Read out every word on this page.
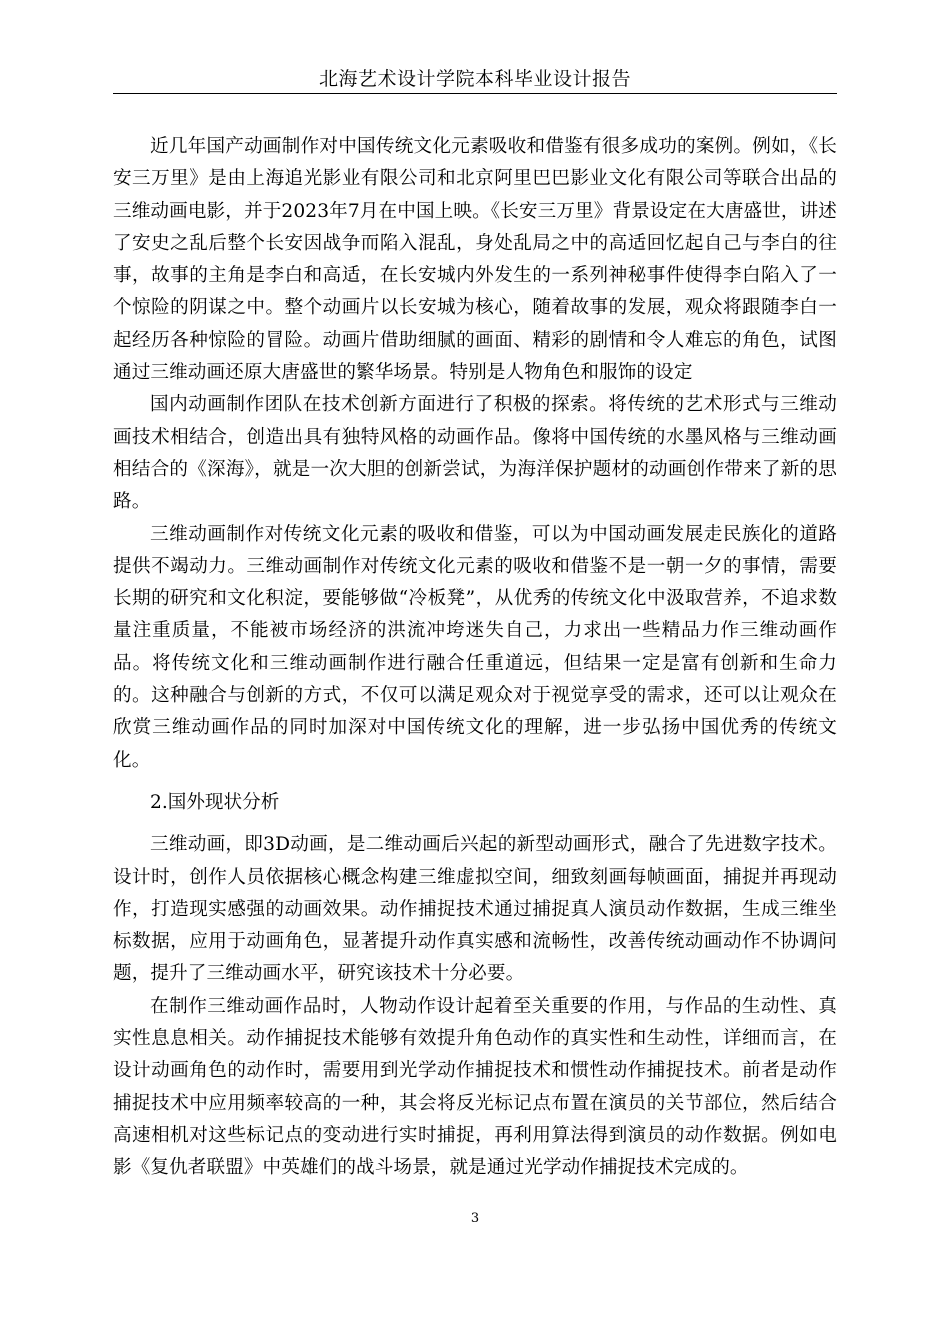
北海艺术设计学院本科毕业设计报告

近几年国产动画制作对中国传统文化元素吸收和借鉴有很多成功的案例。例如，《长安三万里》是由上海追光影业有限公司和北京阿里巴巴影业文化有限公司等联合出品的三维动画电影，并于2023年7月在中国上映。《长安三万里》背景设定在大唐盛世，讲述了安史之乱后整个长安因战争而陷入混乱，身处乱局之中的高适回忆起自己与李白的往事，故事的主角是李白和高适，在长安城内外发生的一系列神秘事件使得李白陷入了一个惊险的阴谋之中。整个动画片以长安城为核心，随着故事的发展，观众将跟随李白一起经历各种惊险的冒险。动画片借助细腻的画面、精彩的剧情和令人难忘的角色，试图通过三维动画还原大唐盛世的繁华场景。特别是人物角色和服饰的设定

国内动画制作团队在技术创新方面进行了积极的探索。将传统的艺术形式与三维动画技术相结合，创造出具有独特风格的动画作品。像将中国传统的水墨风格与三维动画相结合的《深海》，就是一次大胆的创新尝试，为海洋保护题材的动画创作带来了新的思路。

三维动画制作对传统文化元素的吸收和借鉴，可以为中国动画发展走民族化的道路提供不竭动力。三维动画制作对传统文化元素的吸收和借鉴不是一朝一夕的事情，需要长期的研究和文化积淀，要能够做“冷板凳”，从优秀的传统文化中汲取营养，不追求数量注重质量，不能被市场经济的洪流冲垮迷失自己，力求出一些精品力作三维动画作品。将传统文化和三维动画制作进行融合任重道远，但结果一定是富有创新和生命力的。这种融合与创新的方式，不仅可以满足观众对于视觉享受的需求，还可以让观众在欣赏三维动画作品的同时加深对中国传统文化的理解，进一步弘扬中国优秀的传统文化。

2.国外现状分析

三维动画，即3D动画，是二维动画后兴起的新型动画形式，融合了先进数字技术。设计时，创作人员依据核心概念构建三维虚拟空间，细致刻画每帧画面，捕捉并再现动作，打造现实感强的动画效果。动作捕捉技术通过捕捉真人演员动作数据，生成三维坐标数据，应用于动画角色，显著提升动作真实感和流畅性，改善传统动画动作不协调问题，提升了三维动画水平，研究该技术十分必要。

在制作三维动画作品时，人物动作设计起着至关重要的作用，与作品的生动性、真实性息息相关。动作捕捉技术能够有效提升角色动作的真实性和生动性，详细而言，在设计动画角色的动作时，需要用到光学动作捕捉技术和惯性动作捕捉技术。前者是动作捕捉技术中应用频率较高的一种，其会将反光标记点布置在演员的关节部位，然后结合高速相机对这些标记点的变动进行实时捕捉，再利用算法得到演员的动作数据。例如电影《复仇者联盟》中英雄们的战斗场景，就是通过光学动作捕捉技术完成的。

3
